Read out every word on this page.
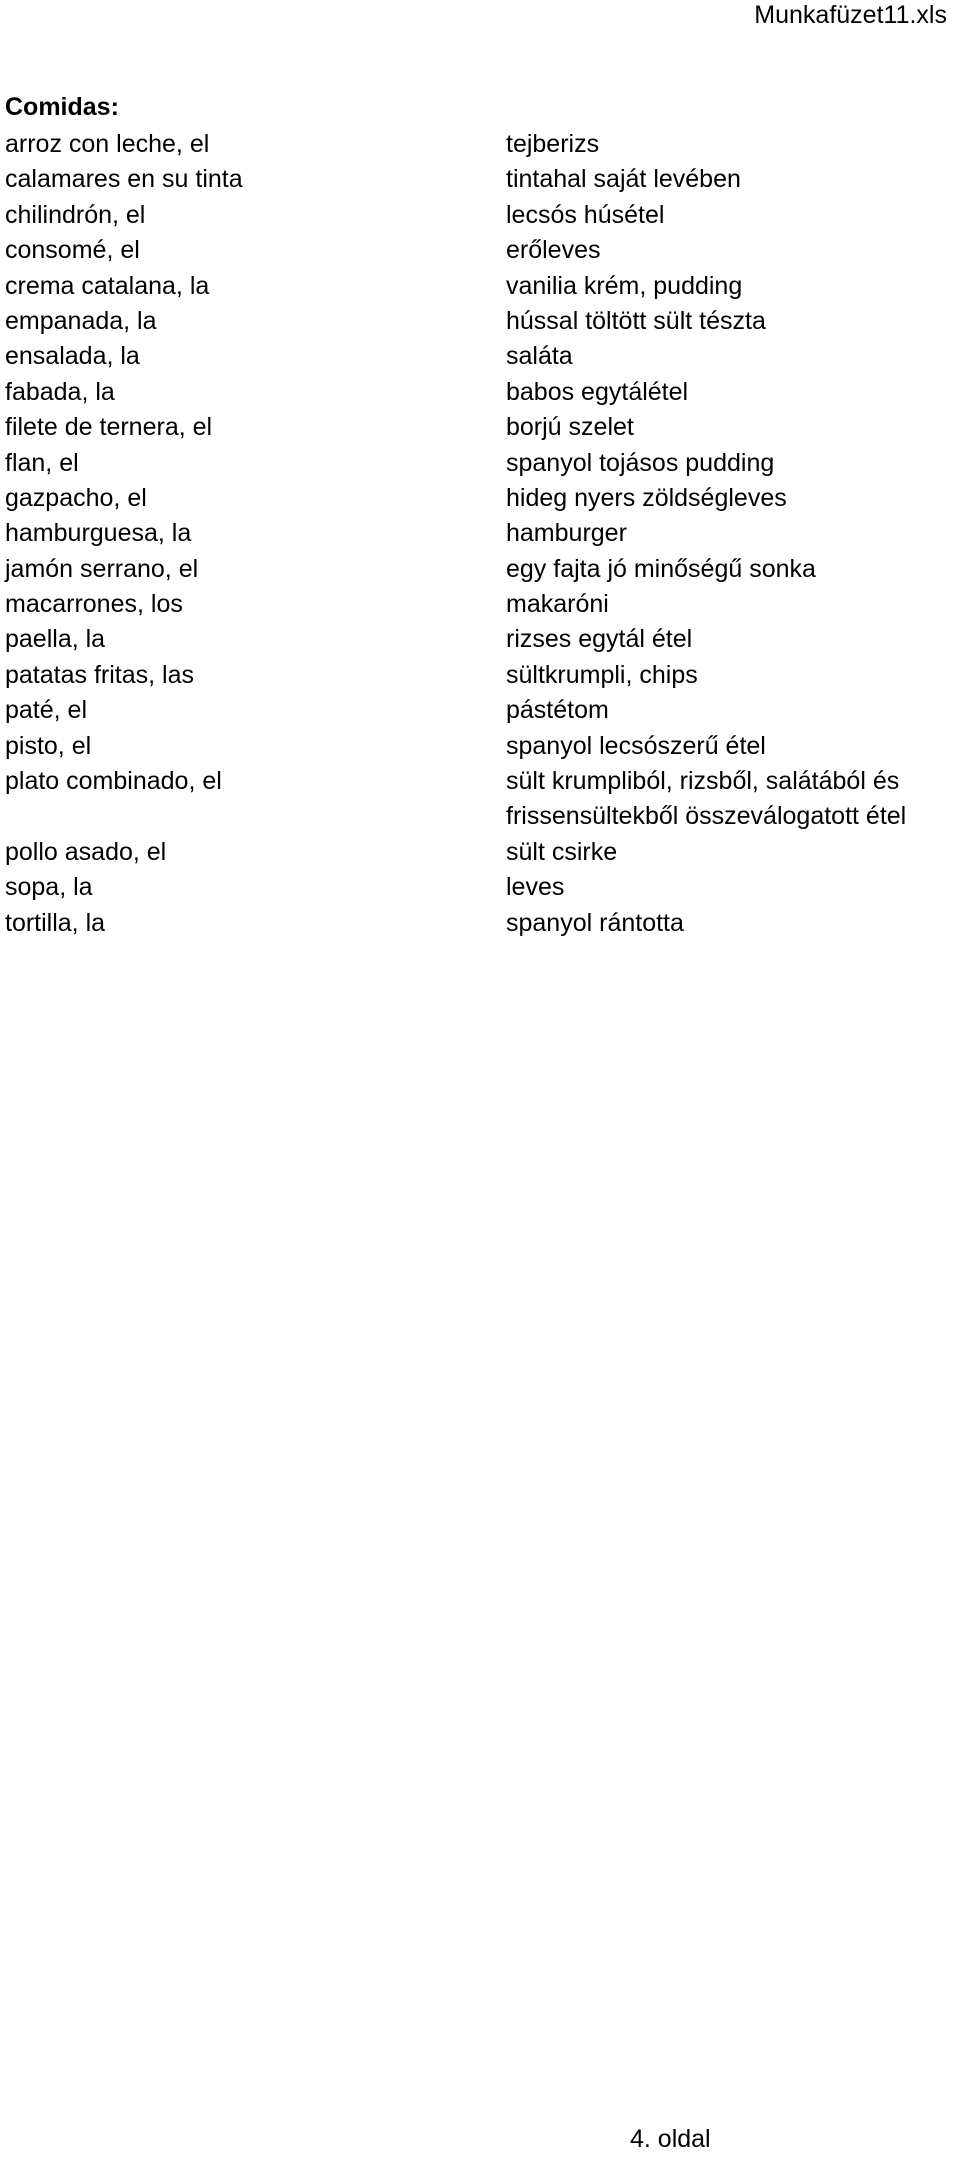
Munkafüzet11.xls
Comidas:
arroz con leche, el	tejberizs
calamares en su tinta	tintahal saját levében
chilindrón, el	lecsós húsétel
consomé, el	erőleves
crema catalana, la	vanilia krém, pudding
empanada, la	hússal töltött sült tészta
ensalada, la	saláta
fabada, la	babos egytálétel
filete de ternera, el	borjú szelet
flan, el	spanyol tojásos pudding
gazpacho, el	hideg nyers zöldségleves
hamburguesa, la	hamburger
jamón serrano, el	egy fajta jó minőségű sonka
macarrones, los	makaróni
paella, la	rizses egytál étel
patatas fritas, las	sültkrumpli, chips
paté, el	pástétom
pisto, el	spanyol lecsószerű étel
plato combinado, el	sült krumpliból, rizsből, salátából és frissensültekből összeválogatott étel
pollo asado, el	sült csirke
sopa, la	leves
tortilla, la	spanyol rántotta
4. oldal
